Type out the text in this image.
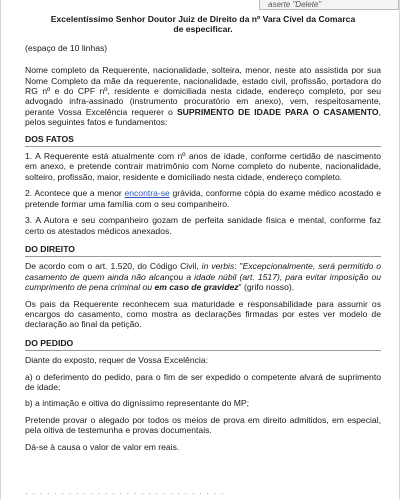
aserte "Delete"
Excelentíssimo Senhor Doutor Juiz de Direito da nº Vara Cível da Comarca de especificar.
(espaço de 10 linhas)

Nome completo da Requerente, nacionalidade, solteira, menor, neste ato assistida por sua Nome Completo da mãe da requerente, nacionalidade, estado civil, profissão, portadora do RG nº e do CPF nº, residente e domiciliada nesta cidade, endereço completo, por seu advogado infra-assinado (instrumento procuratório em anexo), vem, respeitosamente, perante Vossa Excelência requerer o SUPRIMENTO DE IDADE PARA O CASAMENTO, pelos seguintes fatos e fundamentos:

DOS FATOS

1. A Requerente está atualmente com nº anos de idade, conforme certidão de nascimento em anexo, e pretende contrair matrimônio com Nome completo do nubente, nacionalidade, solteiro, profissão, maior, residente e domiciliado nesta cidade, endereço completo.

2. Acontece que a menor encontra-se grávida, conforme cópia do exame médico acostado e pretende formar uma família com o seu companheiro.

3. A Autora e seu companheiro gozam de perfeita sanidade física e mental, conforme faz certo os atestados médicos anexados.

DO DIREITO

De acordo com o art. 1.520, do Código Civil, in verbis: "Excepcionalmente, será permitido o casamento de quem ainda não alcançou a idade núbil (art. 1517), para evitar imposição ou cumprimento de pena criminal ou em caso de gravidez" (grifo nosso).

Os pais da Requerente reconhecem sua maturidade e responsabilidade para assumir os encargos do casamento, como mostra as declarações firmadas por estes ver modelo de declaração ao final da petição.

DO PEDIDO

Diante do exposto, requer de Vossa Excelência:

a) o deferimento do pedido, para o fim de ser expedido o competente alvará de suprimento de idade;

b) a intimação e oitiva do digníssimo representante do MP;

Pretende provar o alegado por todos os meios de prova em direito admitidos, em especial, pela oitiva de testemunha e provas documentais.

Dá-se à causa o valor de valor em reais.

· · · · · · · · · · · · · · · · · · · · · · · · · · · ·
